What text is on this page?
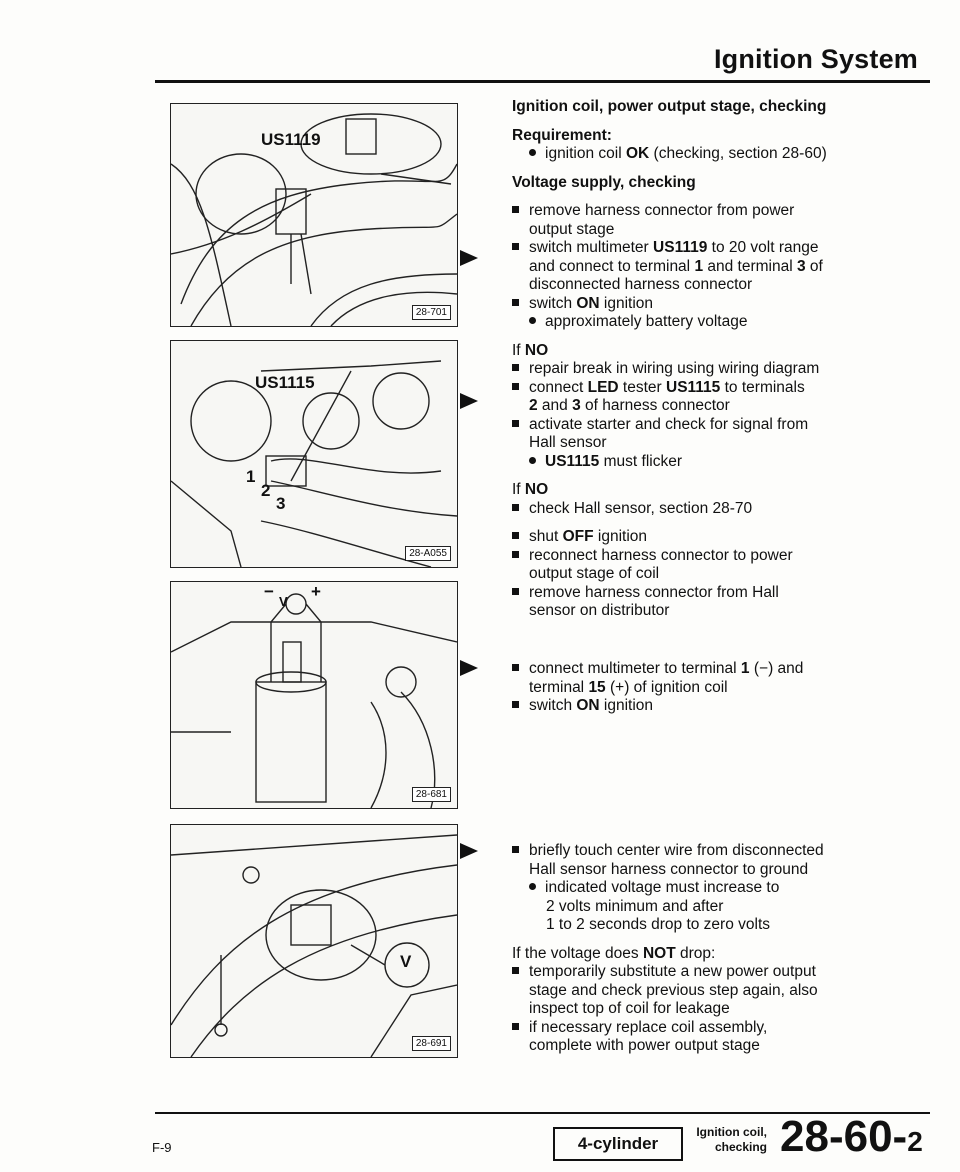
Ignition System
US1119
28-701
US1115
1
2
3
28-A055
V
− +
28-681
V
28-691
Ignition coil, power output stage, checking
Requirement:
ignition coil OK (checking, section 28-60)
Voltage supply, checking
remove harness connector from power
output stage
switch multimeter US1119 to 20 volt range
and connect to terminal 1 and terminal 3 of
disconnected harness connector
switch ON ignition
approximately battery voltage
If NO
repair break in wiring using wiring diagram
connect LED tester US1115 to terminals
2 and 3 of harness connector
activate starter and check for signal from
Hall sensor
US1115 must flicker
If NO
check Hall sensor, section 28-70
shut OFF ignition
reconnect harness connector to power
output stage of coil
remove harness connector from Hall
sensor on distributor
connect multimeter to terminal 1 (−) and
terminal 15 (+) of ignition coil
switch ON ignition
briefly touch center wire from disconnected
Hall sensor harness connector to ground
indicated voltage must increase to
2 volts minimum and after
1 to 2 seconds drop to zero volts
If the voltage does NOT drop:
temporarily substitute a new power output
stage and check previous step again, also
inspect top of coil for leakage
if necessary replace coil assembly,
complete with power output stage
F-9	4-cylinder
Ignition coil,
checking 28-60-2
